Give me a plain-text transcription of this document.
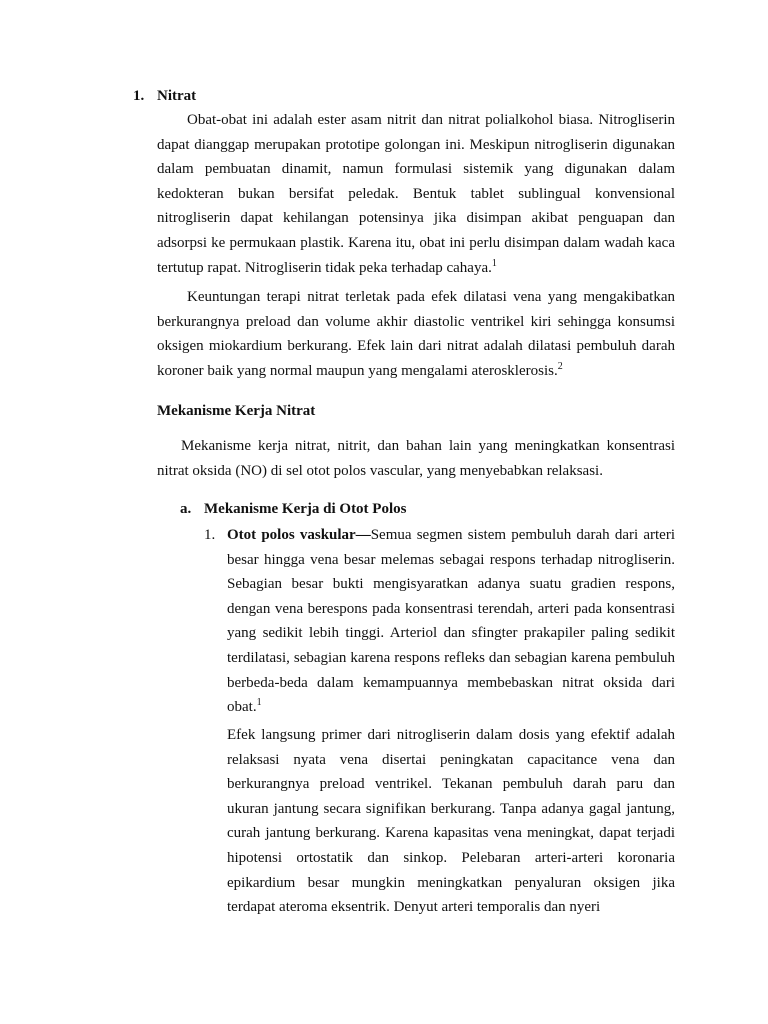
1. Nitrat

Obat-obat ini adalah ester asam nitrit dan nitrat polialkohol biasa. Nitrogliserin dapat dianggap merupakan prototipe golongan ini. Meskipun nitrogliserin digunakan dalam pembuatan dinamit, namun formulasi sistemik yang digunakan dalam kedokteran bukan bersifat peledak. Bentuk tablet sublingual konvensional nitrogliserin dapat kehilangan potensinya jika disimpan akibat penguapan dan adsorpsi ke permukaan plastik. Karena itu, obat ini perlu disimpan dalam wadah kaca tertutup rapat. Nitrogliserin tidak peka terhadap cahaya.$^1$

Keuntungan terapi nitrat terletak pada efek dilatasi vena yang mengakibatkan berkurangnya preload dan volume akhir diastolic ventrikel kiri sehingga konsumsi oksigen miokardium berkurang. Efek lain dari nitrat adalah dilatasi pembuluh darah koroner baik yang normal maupun yang mengalami aterosklerosis.$^2$

Mekanisme Kerja Nitrat

Mekanisme kerja nitrat, nitrit, dan bahan lain yang meningkatkan konsentrasi nitrat oksida (NO) di sel otot polos vascular, yang menyebabkan relaksasi.

a. Mekanisme Kerja di Otot Polos
1. Otot polos vaskular—Semua segmen sistem pembuluh darah dari arteri besar hingga vena besar melemas sebagai respons terhadap nitrogliserin. Sebagian besar bukti mengisyaratkan adanya suatu gradien respons, dengan vena berespons pada konsentrasi terendah, arteri pada konsentrasi yang sedikit lebih tinggi. Arteriol dan sfingter prakapiler paling sedikit terdilatasi, sebagian karena respons refleks dan sebagian karena pembuluh berbeda-beda dalam kemampuannya membebaskan nitrat oksida dari obat.$^1$

Efek langsung primer dari nitrogliserin dalam dosis yang efektif adalah relaksasi nyata vena disertai peningkatan capacitance vena dan berkurangnya preload ventrikel. Tekanan pembuluh darah paru dan ukuran jantung secara signifikan berkurang. Tanpa adanya gagal jantung, curah jantung berkurang. Karena kapasitas vena meningkat, dapat terjadi hipotensi ortostatik dan sinkop. Pelebaran arteri-arteri koronaria epikardium besar mungkin meningkatkan penyaluran oksigen jika terdapat ateroma eksentrik. Denyut arteri temporalis dan nyeri
